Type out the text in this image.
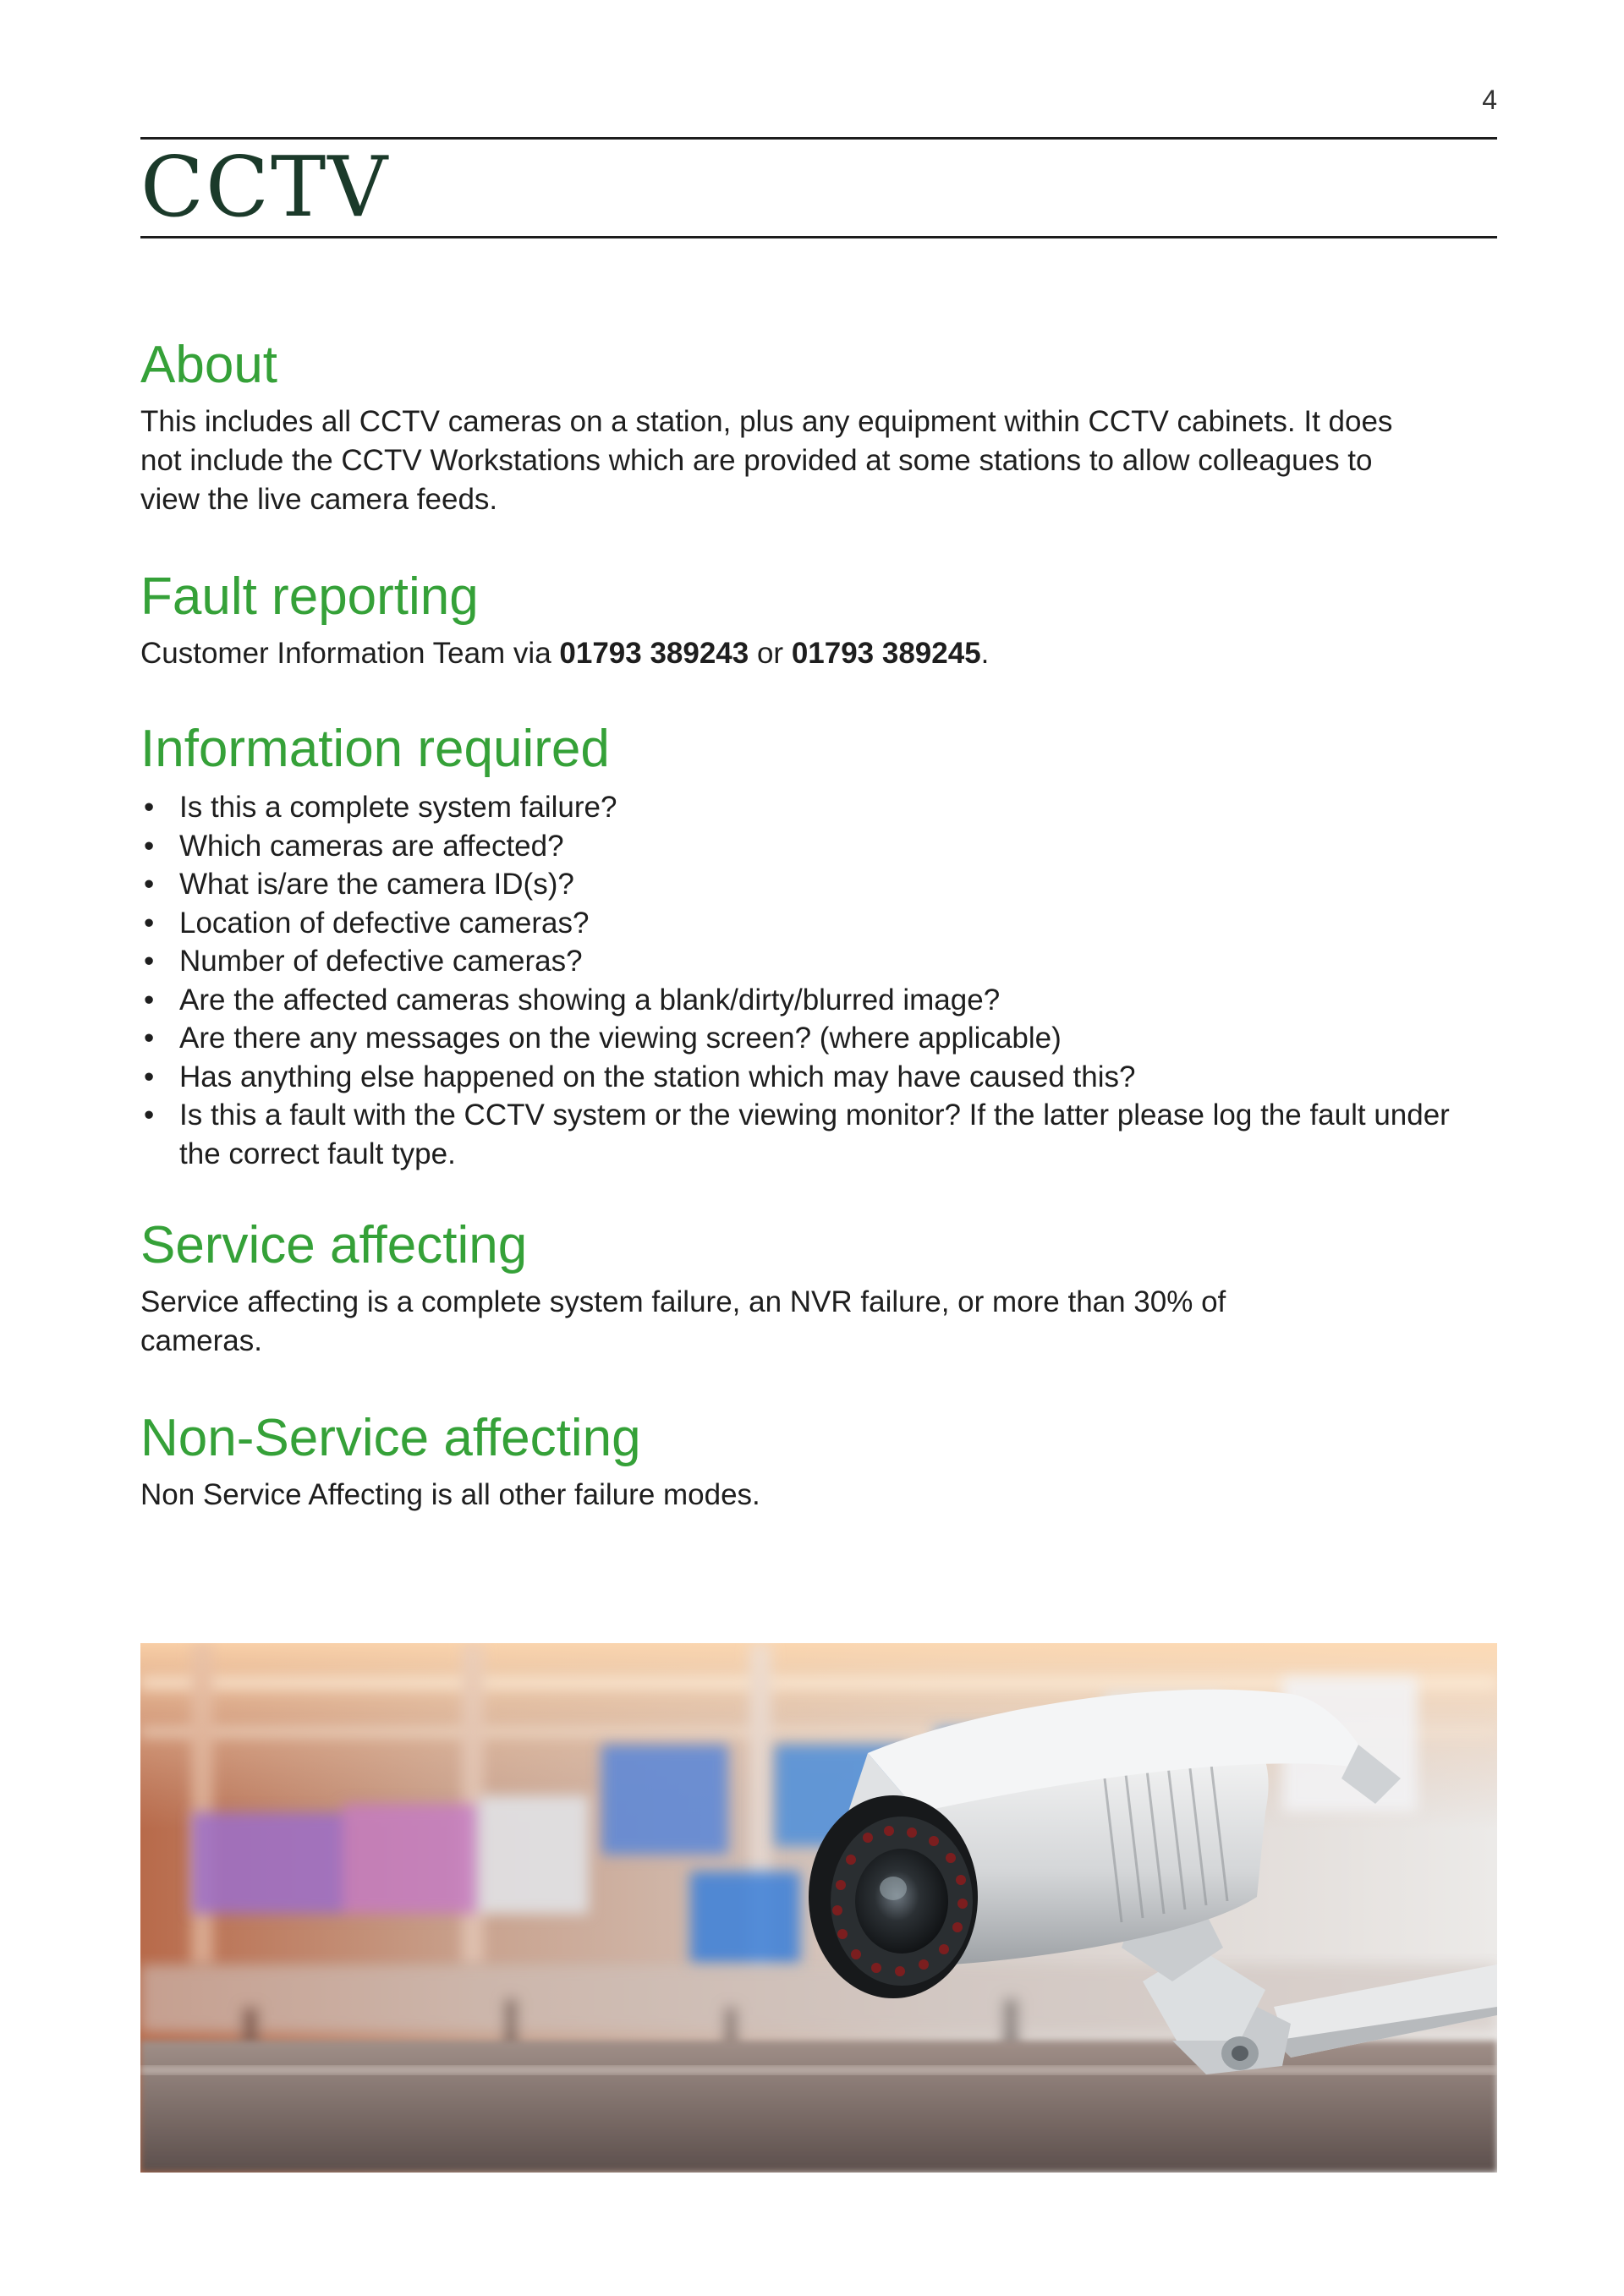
4
CCTV
About

This includes all CCTV cameras on a station, plus any equipment within CCTV cabinets. It does not include the CCTV Workstations which are provided at some stations to allow colleagues to view the live camera feeds.

Fault reporting

Customer Information Team via 01793 389243 or 01793 389245.

Information required
• Is this a complete system failure?
• Which cameras are affected?
• What is/are the camera ID(s)?
• Location of defective cameras?
• Number of defective cameras?
• Are the affected cameras showing a blank/dirty/blurred image?
• Are there any messages on the viewing screen? (where applicable)
• Has anything else happened on the station which may have caused this?
• Is this a fault with the CCTV system or the viewing monitor? If the latter please log the fault under the correct fault type.
Service affecting

Service affecting is a complete system failure, an NVR failure, or more than 30% of cameras.

Non-Service affecting

Non Service Affecting is all other failure modes.
